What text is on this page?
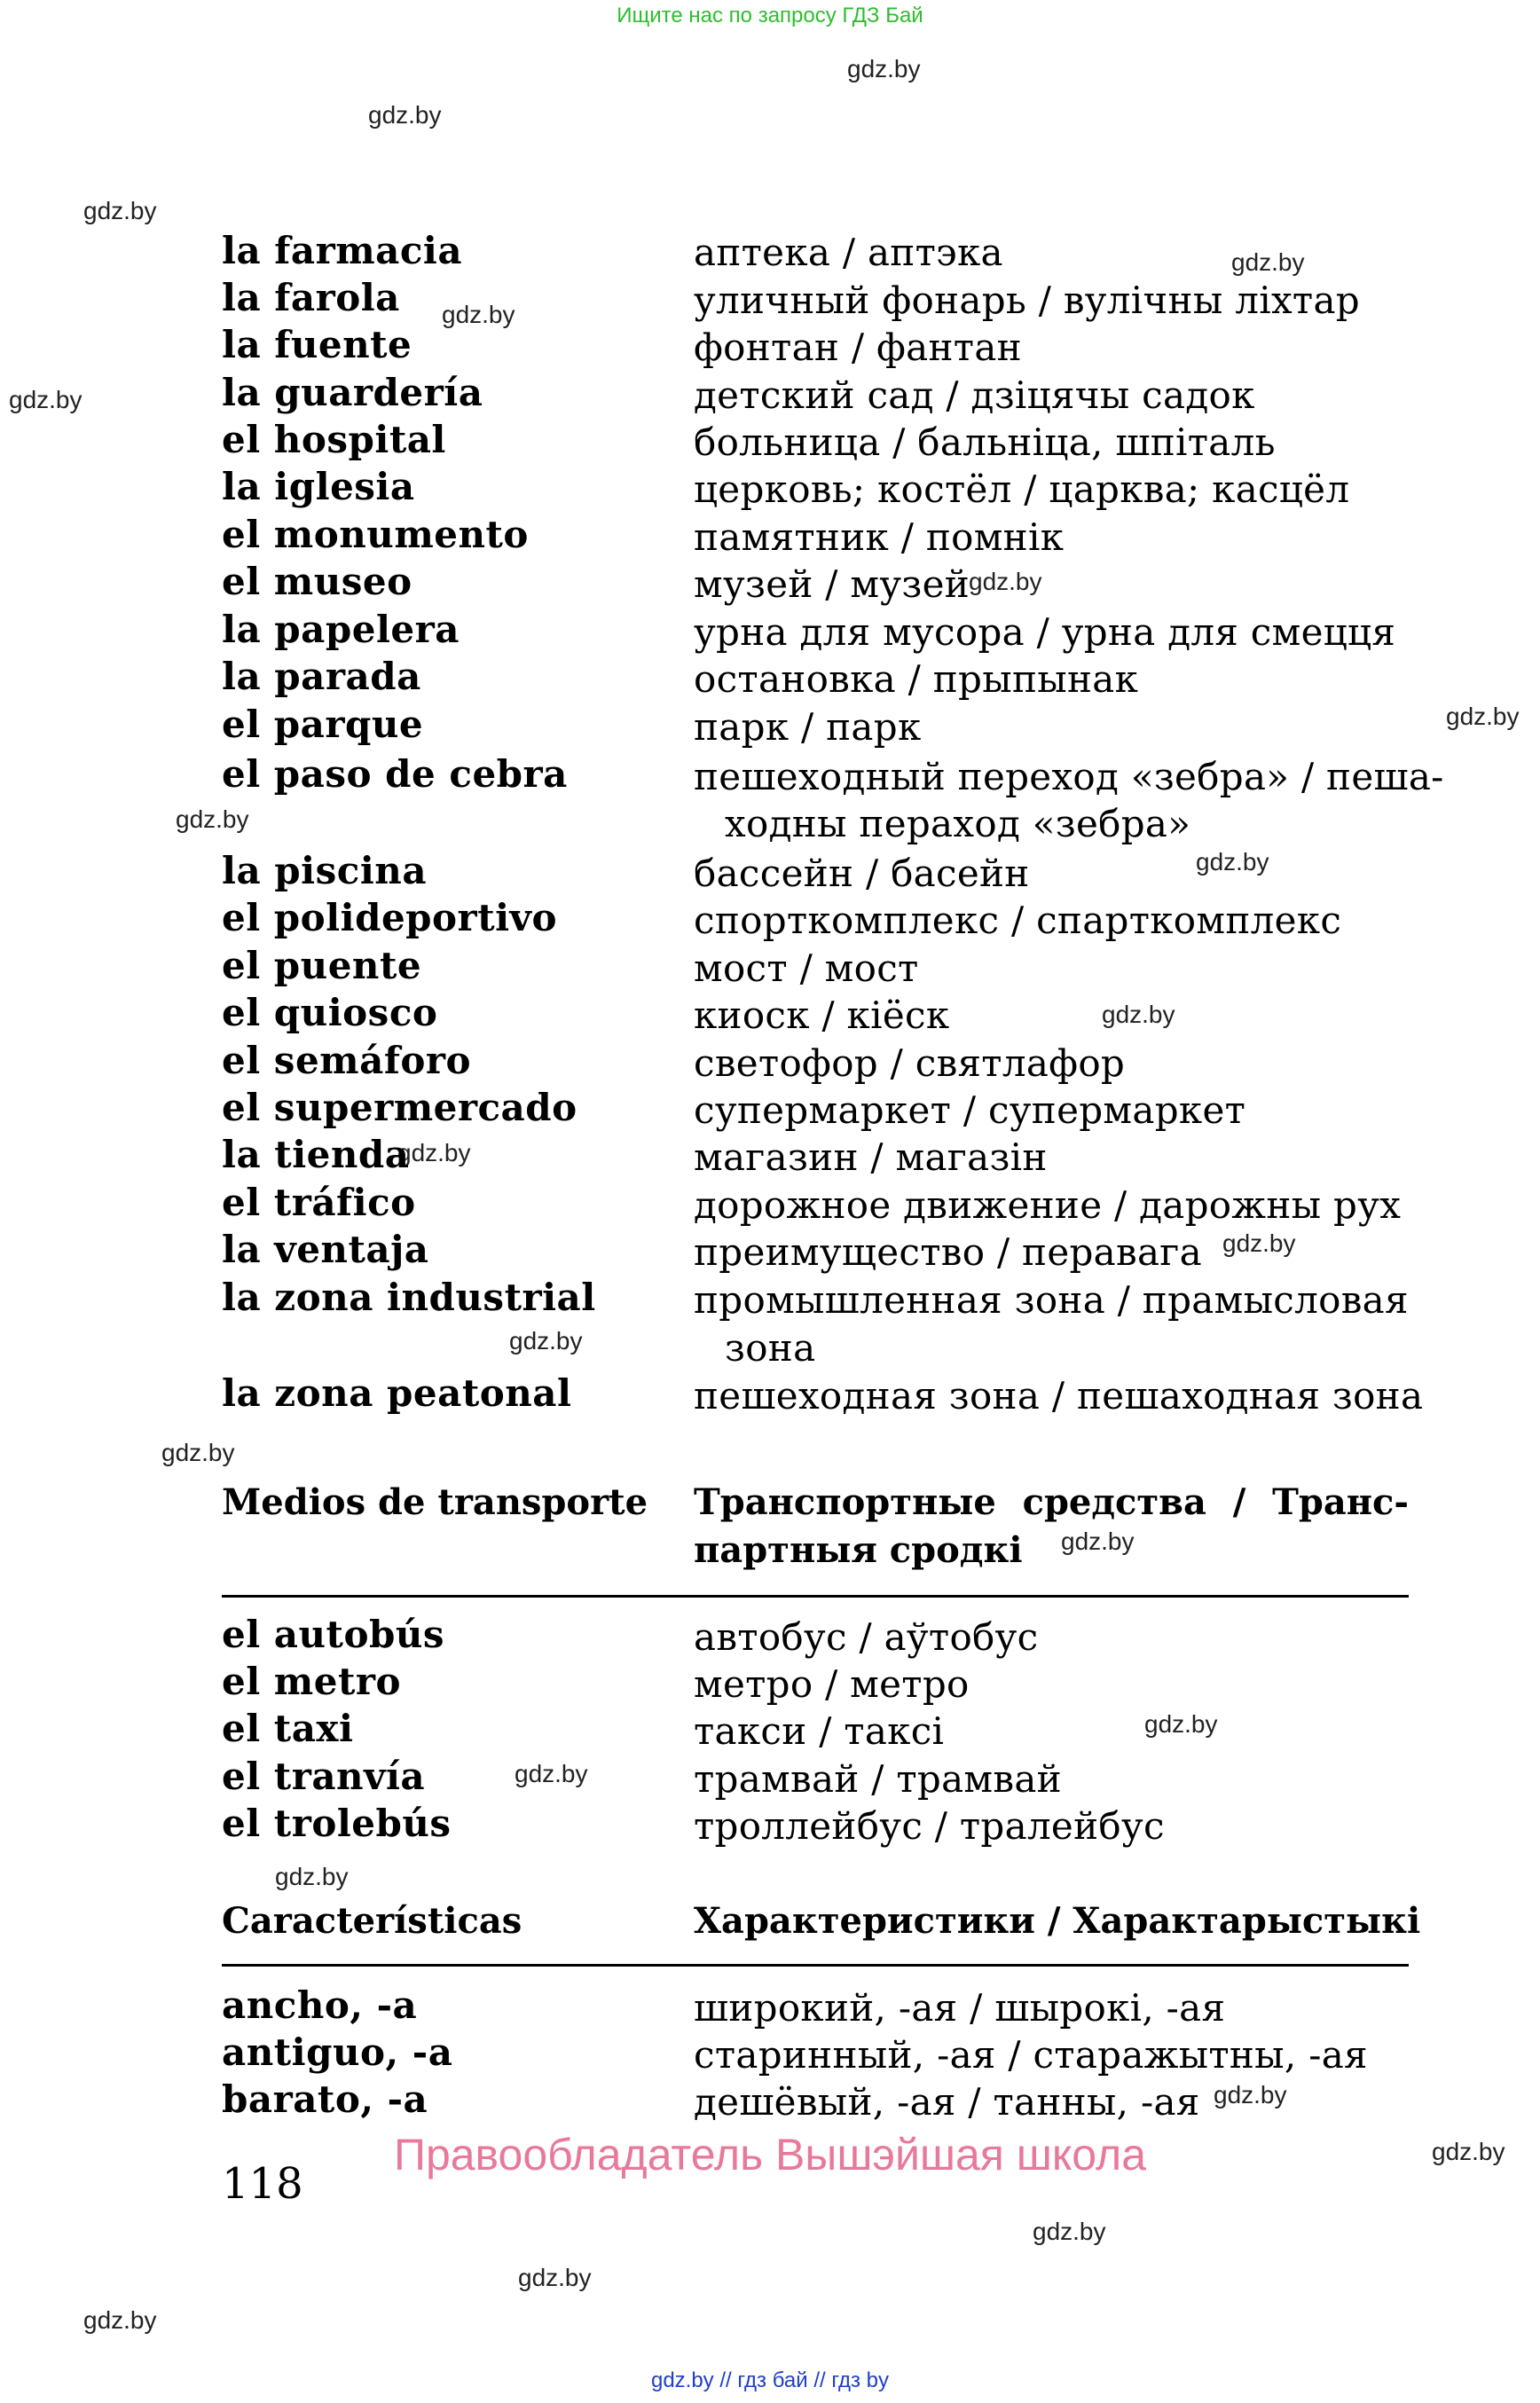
Ищите нас по запросу ГДЗ Бай
gdz.by
gdz.by
gdz.by
gdz.by
gdz.by
gdz.by
gdz.by
gdz.by
gdz.by
gdz.by
gdz.by
gdz.by
gdz.by
gdz.by
gdz.by
gdz.by
gdz.by
gdz.by
gdz.by
gdz.by
gdz.by
gdz.by
gdz.by
gdz.by
la farmacia	аптека / аптэка
la farola	уличный фонарь / вулічны ліхтар
la fuente	фонтан / фантан
la guardería	детский сад / дзіцячы садок
el hospital	больница / бальніца, шпіталь
la iglesia	церковь; костёл / царква; касцёл
el monumento	памятник / помнік
el museo	музей / музей
la papelera	урна для мусора / урна для смецця
la parada	остановка / прыпынак
el parque	парк / парк
el paso de cebra	пешеходный переход «зебра» / пеша-
ходны пераход «зебра»
la piscina	бассейн / басейн
el polideportivo	спорткомплекс / спарткомплекс
el puente	мост / мост
el quiosco	киоск / кіёск
el semáforo	светофор / святлафор
el supermercado	супермаркет / супермаркет
la tienda	магазин / магазін
el tráfico	дорожное движение / дарожны рух
la ventaja	преимущество / перавага
la zona industrial	промышленная зона / прамысловая
зона
la zona peatonal	пешеходная зона / пешаходная зона
Medios de transporte Транспортные средства / Транс-
партныя сродкі
el autobús	автобус / аўтобус
el metro	метро / метро
el taxi	такси / таксі
el tranvía	трамвай / трамвай
el trolebús	троллейбус / тралейбус
Características	Характеристики / Характарыстыкі
ancho, -a	широкий, -ая / шырокі, -ая
antiguo, -a	старинный, -ая / старажытны, -ая
barato, -a	дешёвый, -ая / танны, -ая
Правообладатель Вышэйшая школа
118
gdz.by // гдз бай // гдз by
